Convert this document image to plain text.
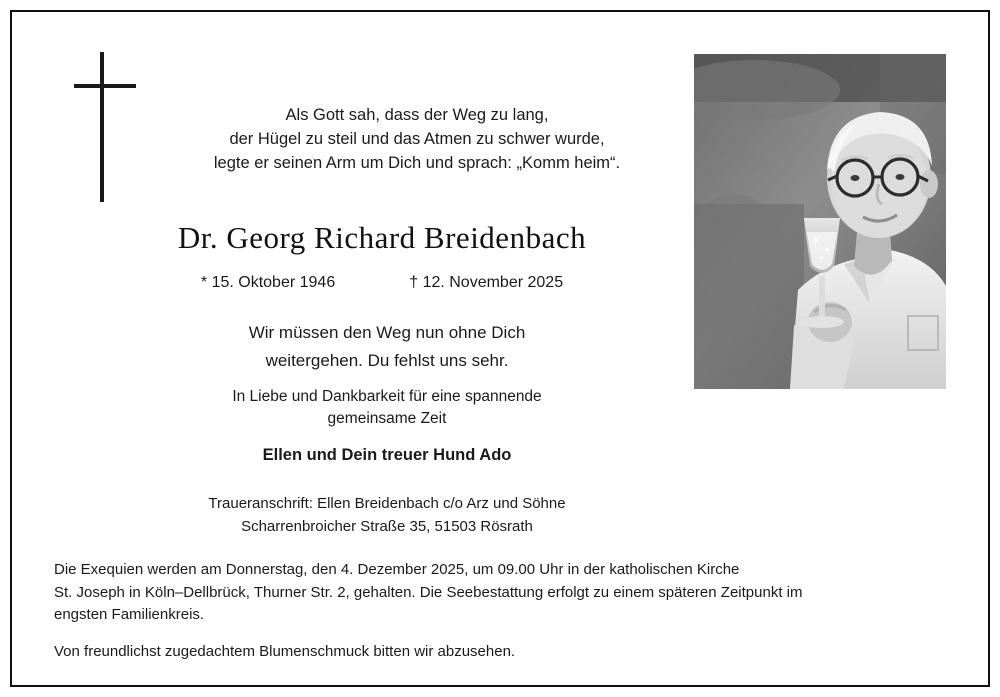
Als Gott sah, dass der Weg zu lang,
der Hügel zu steil und das Atmen zu schwer wurde,
legte er seinen Arm um Dich und sprach: „Komm heim“.
Dr. Georg Richard Breidenbach
* 15. Oktober 1946	† 12. November 2025
Wir müssen den Weg nun ohne Dich
weitergehen. Du fehlst uns sehr.
In Liebe und Dankbarkeit für eine spannende
gemeinsame Zeit
Ellen und Dein treuer Hund Ado
Traueranschrift: Ellen Breidenbach c/o Arz und Söhne
Scharrenbroicher Straße 35, 51503 Rösrath
Die Exequien werden am Donnerstag, den 4. Dezember 2025, um 09.00 Uhr in der katholischen Kirche
St. Joseph in Köln–Dellbrück, Thurner Str. 2, gehalten. Die Seebestattung erfolgt zu einem späteren Zeitpunkt im
engsten Familienkreis.
Von freundlichst zugedachtem Blumenschmuck bitten wir abzusehen.
